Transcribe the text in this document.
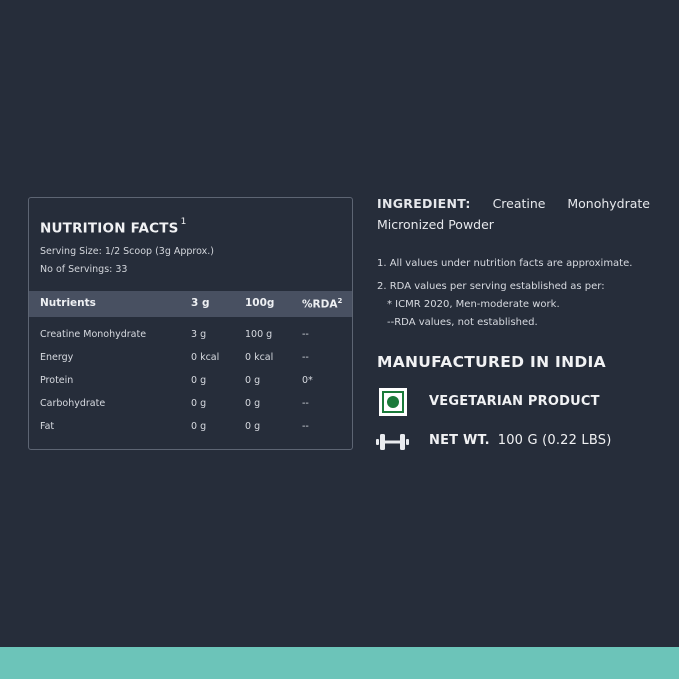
NUTRITION FACTS $^1$
Serving Size: 1/2 Scoop (3g Approx.)
No of Servings: 33
Nutrients	3 g	100g	%RDA$^2$
Creatine Monohydrate	3 g	100 g	--
Energy	0 kcal	0 kcal	--
Protein	0 g	0 g	0*
Carbohydrate	0 g	0 g	--
Fat	0 g	0 g	--
INGREDIENT: Creatine Monohydrate
Micronized Powder
1. All values under nutrition facts are approximate.
2. RDA values per serving established as per:
* ICMR 2020, Men-moderate work.
--RDA values, not established.
MANUFACTURED IN INDIA
VEGETARIAN PRODUCT
NET WT. 100 G (0.22 LBS)
